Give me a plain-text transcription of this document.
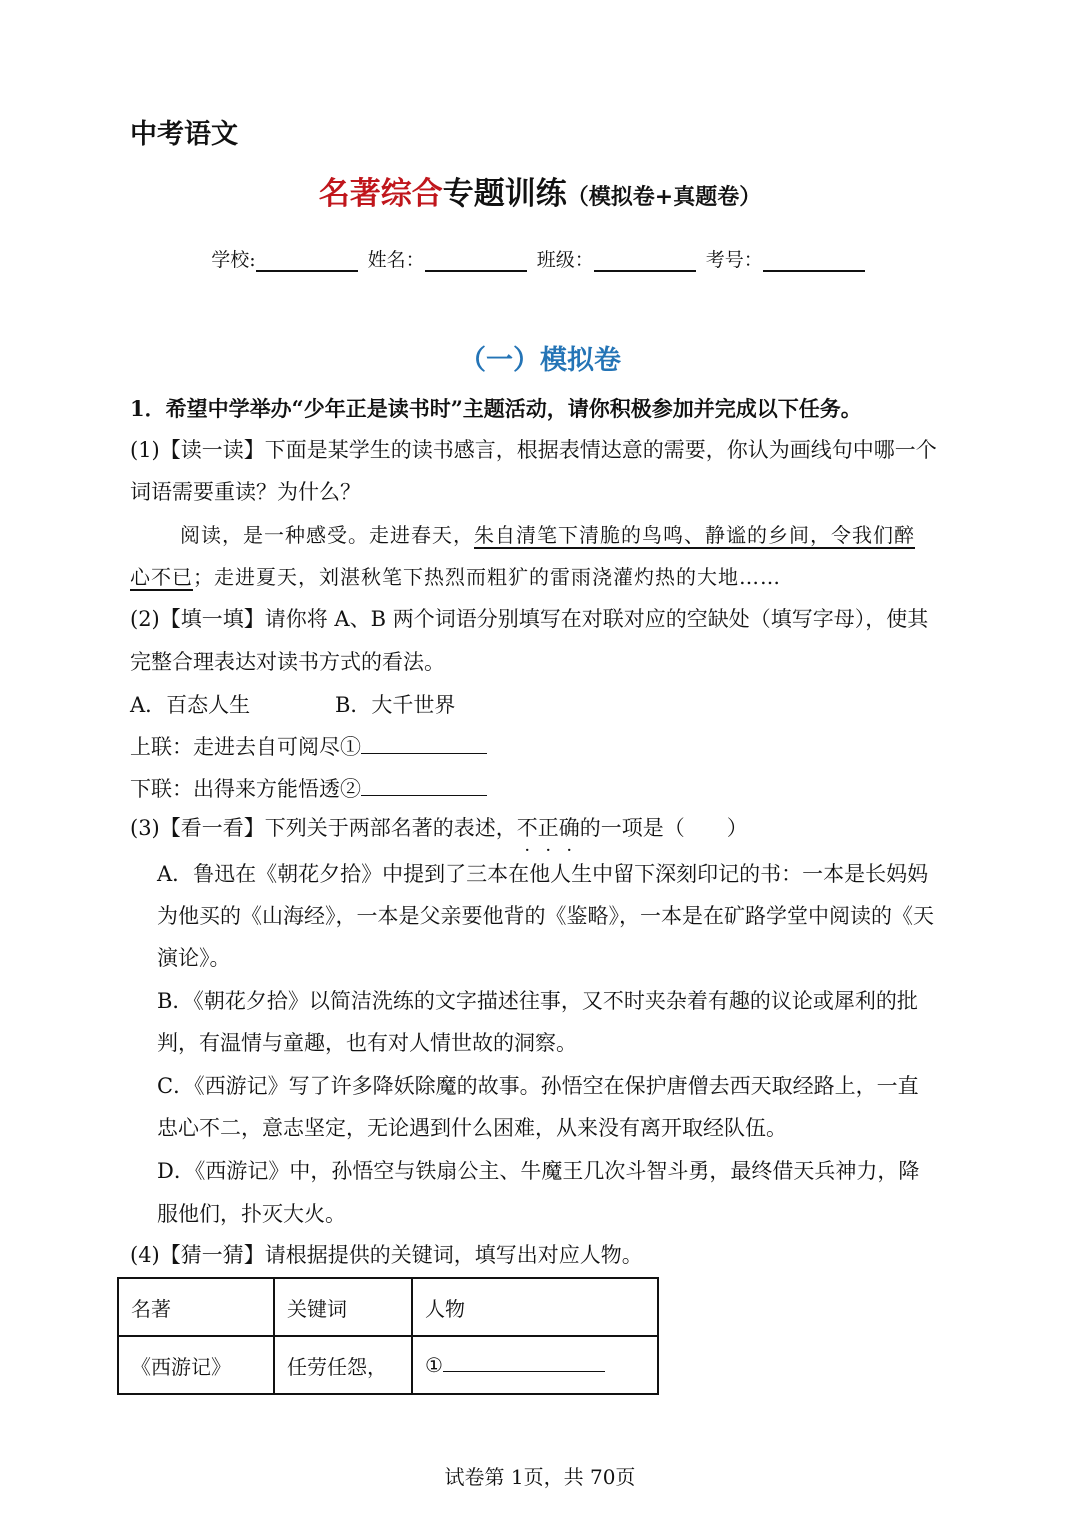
中考语文
名著综合专题训练（模拟卷+真题卷）
学校:	姓名：	班级：	考号：
（一）模拟卷
1．希望中学举办“少年正是读书时”主题活动，请你积极参加并完成以下任务。
(1)【读一读】下面是某学生的读书感言，根据表情达意的需要，你认为画线句中哪一个
词语需要重读？为什么？
阅读，是一种感受。走进春天，朱自清笔下清脆的鸟鸣、静谧的乡间，令我们醉
心不已；走进夏天，刘湛秋笔下热烈而粗犷的雷雨浇灌灼热的大地……
(2)【填一填】请你将 A、B 两个词语分别填写在对联对应的空缺处（填写字母），使其
完整合理表达对读书方式的看法。
A．百态人生	B．大千世界
上联：走进去自可阅尽①
下联：出得来方能悟透②
(3)【看一看】下列关于两部名著的表述，不正确的一项是（　　）
A．鲁迅在《朝花夕拾》中提到了三本在他人生中留下深刻印记的书：一本是长妈妈
为他买的《山海经》，一本是父亲要他背的《鉴略》，一本是在矿路学堂中阅读的《天
演论》。
B．《朝花夕拾》以简洁洗练的文字描述往事，又不时夹杂着有趣的议论或犀利的批
判，有温情与童趣，也有对人情世故的洞察。
C．《西游记》写了许多降妖除魔的故事。孙悟空在保护唐僧去西天取经路上，一直
忠心不二，意志坚定，无论遇到什么困难，从来没有离开取经队伍。
D．《西游记》中，孙悟空与铁扇公主、牛魔王几次斗智斗勇，最终借天兵神力，降
服他们，扑灭大火。
(4)【猜一猜】请根据提供的关键词，填写出对应人物。
名著	关键词	人物
《西游记》	任劳任怨，	①
试卷第 1页，共 70页
